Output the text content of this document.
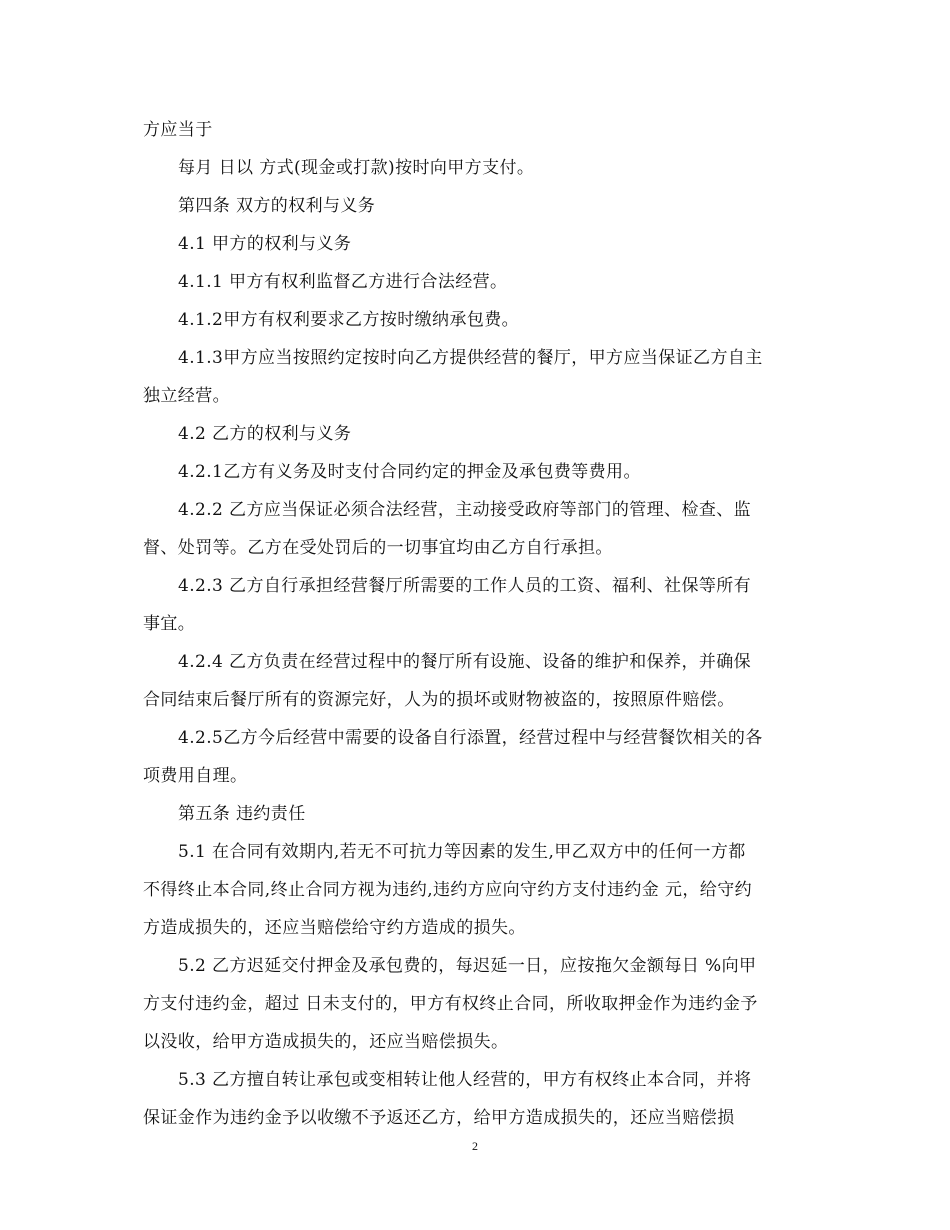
方应当于
每月 日以 方式(现金或打款)按时向甲方支付。
第四条 双方的权利与义务
4.1 甲方的权利与义务
4.1.1 甲方有权利监督乙方进行合法经营。
4.1.2甲方有权利要求乙方按时缴纳承包费。
4.1.3甲方应当按照约定按时向乙方提供经营的餐厅，甲方应当保证乙方自主
独立经营。
4.2 乙方的权利与义务
4.2.1乙方有义务及时支付合同约定的押金及承包费等费用。
4.2.2 乙方应当保证必须合法经营，主动接受政府等部门的管理、检查、监
督、处罚等。乙方在受处罚后的一切事宜均由乙方自行承担。
4.2.3 乙方自行承担经营餐厅所需要的工作人员的工资、福利、社保等所有
事宜。
4.2.4 乙方负责在经营过程中的餐厅所有设施、设备的维护和保养，并确保
合同结束后餐厅所有的资源完好，人为的损坏或财物被盗的，按照原件赔偿。
4.2.5乙方今后经营中需要的设备自行添置，经营过程中与经营餐饮相关的各
项费用自理。
第五条 违约责任
5.1 在合同有效期内,若无不可抗力等因素的发生,甲乙双方中的任何一方都
不得终止本合同,终止合同方视为违约,违约方应向守约方支付违约金 元，给守约
方造成损失的，还应当赔偿给守约方造成的损失。
5.2 乙方迟延交付押金及承包费的，每迟延一日，应按拖欠金额每日 %向甲
方支付违约金，超过 日未支付的，甲方有权终止合同，所收取押金作为违约金予
以没收，给甲方造成损失的，还应当赔偿损失。
5.3 乙方擅自转让承包或变相转让他人经营的，甲方有权终止本合同，并将
保证金作为违约金予以收缴不予返还乙方，给甲方造成损失的，还应当赔偿损
2
